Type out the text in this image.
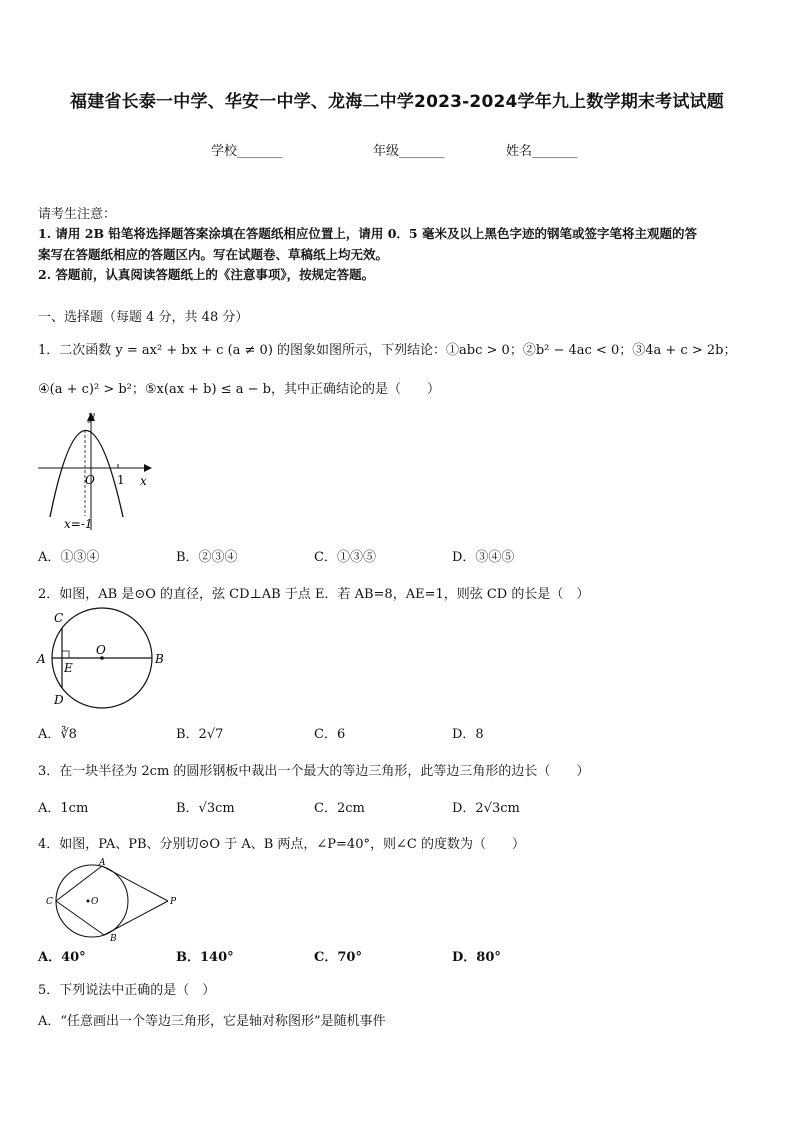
福建省长泰一中学、华安一中学、龙海二中学2023-2024学年九上数学期末考试试题
学校_______	年级_______	姓名_______
请考生注意：
1. 请用 2B 铅笔将选择题答案涂填在答题纸相应位置上，请用 0．5 毫米及以上黑色字迹的钢笔或签字笔将主观题的答
案写在答题纸相应的答题区内。写在试题卷、草稿纸上均无效。
2. 答题前，认真阅读答题纸上的《注意事项》，按规定答题。
一、选择题（每题 4 分，共 48 分）
1．二次函数 y = ax² + bx + c (a ≠ 0) 的图象如图所示，下列结论：①abc > 0；②b² − 4ac < 0；③4a + c > 2b；
④(a + c)² > b²；⑤x(ax + b) ≤ a − b，其中正确结论的是（　　）
y
x
O 1
x=-1
A．①③④	B．②③④	C．①③⑤	D．③④⑤
2．如图，AB 是⊙O 的直径，弦 CD⊥AB 于点 E．若 AB=8，AE=1，则弦 CD 的长是（　）
C
A
E
O
B
D
A．∛8	B．2√7	C．6	D．8
3．在一块半径为 2cm 的圆形钢板中裁出一个最大的等边三角形，此等边三角形的边长（　　）
A．1cm	B．√3cm	C．2cm	D．2√3cm
4．如图，PA、PB、分别切⊙O 于 A、B 两点，∠P=40°，则∠C 的度数为（　　）
A
C	O
B
P
A．40°	B．140°	C．70°	D．80°
5．下列说法中正确的是（　）
A．“任意画出一个等边三角形，它是轴对称图形”是随机事件
